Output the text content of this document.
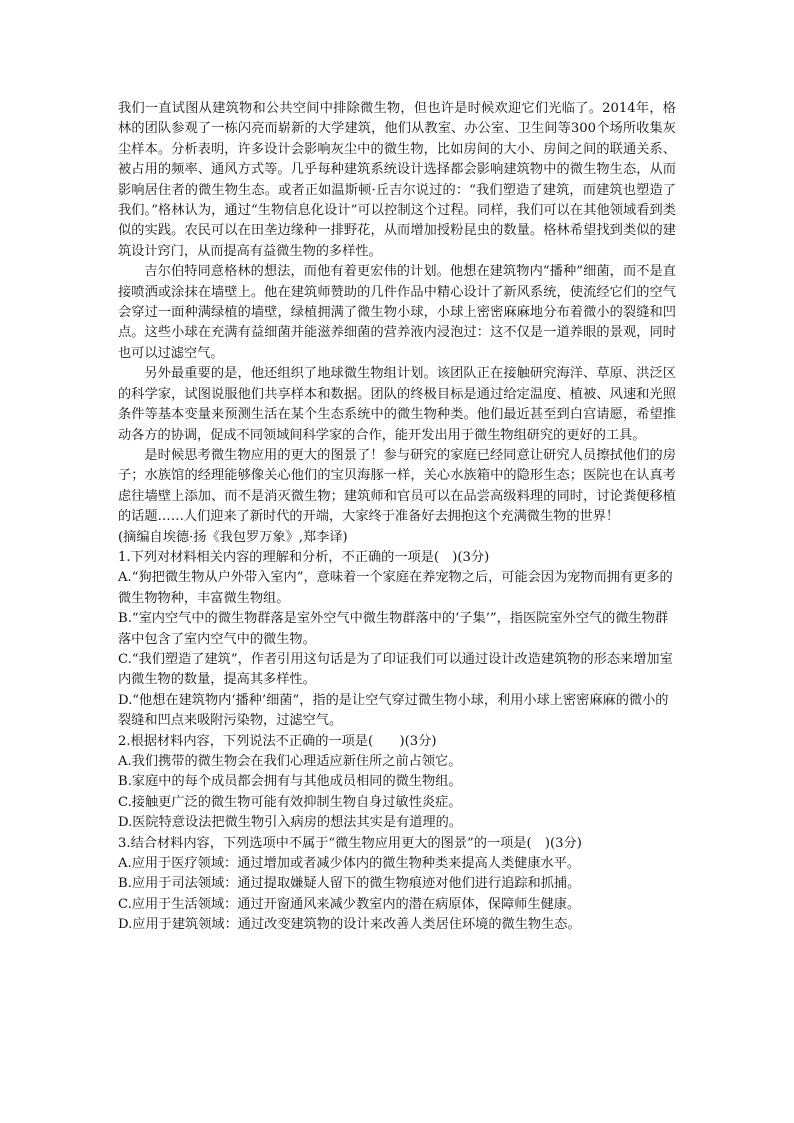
我们一直试图从建筑物和公共空间中排除微生物，但也许是时候欢迎它们光临了。2014年，格林的团队参观了一栋闪亮而崭新的大学建筑，他们从教室、办公室、卫生间等300个场所收集灰尘样本。分析表明，许多设计会影响灰尘中的微生物，比如房间的大小、房间之间的联通关系、被占用的频率、通风方式等。几乎每种建筑系统设计选择都会影响建筑物中的微生物生态，从而影响居住者的微生物生态。或者正如温斯顿·丘吉尔说过的：“我们塑造了建筑，而建筑也塑造了我们。”格林认为，通过“生物信息化设计”可以控制这个过程。同样，我们可以在其他领域看到类似的实践。农民可以在田垄边缘种一排野花，从而增加授粉昆虫的数量。格林希望找到类似的建筑设计窍门，从而提高有益微生物的多样性。

吉尔伯特同意格林的想法，而他有着更宏伟的计划。他想在建筑物内“播种”细菌，而不是直接喷洒或涂抹在墙壁上。他在建筑师赞助的几件作品中精心设计了新风系统，使流经它们的空气会穿过一面种满绿植的墙壁，绿植拥满了微生物小球，小球上密密麻麻地分布着微小的裂缝和凹点。这些小球在充满有益细菌并能滋养细菌的营养液内浸泡过：这不仅是一道养眼的景观，同时也可以过滤空气。

另外最重要的是，他还组织了地球微生物组计划。该团队正在接触研究海洋、草原、洪泛区的科学家，试图说服他们共享样本和数据。团队的终极目标是通过给定温度、植被、风速和光照条件等基本变量来预测生活在某个生态系统中的微生物种类。他们最近甚至到白宫请愿，希望推动各方的协调，促成不同领域间科学家的合作，能开发出用于微生物组研究的更好的工具。

是时候思考微生物应用的更大的图景了！参与研究的家庭已经同意让研究人员擦拭他们的房子；水族馆的经理能够像关心他们的宝贝海豚一样，关心水族箱中的隐形生态；医院也在认真考虑往墙壁上添加、而不是消灭微生物；建筑师和官员可以在品尝高级料理的同时，讨论粪便移植的话题……人们迎来了新时代的开端，大家终于准备好去拥抱这个充满微生物的世界！

(摘编自埃德·扬《我包罗万象》,郑李译)

1.下列对材料相关内容的理解和分析，不正确的一项是(　)(3分)

A.“狗把微生物从户外带入室内”，意味着一个家庭在养宠物之后，可能会因为宠物而拥有更多的微生物物种，丰富微生物组。

B.“室内空气中的微生物群落是室外空气中微生物群落中的‘子集’”，指医院室外空气的微生物群落中包含了室内空气中的微生物。

C.“我们塑造了建筑”，作者引用这句话是为了印证我们可以通过设计改造建筑物的形态来增加室内微生物的数量，提高其多样性。

D.“他想在建筑物内‘播种’细菌”，指的是让空气穿过微生物小球，利用小球上密密麻麻的微小的裂缝和凹点来吸附污染物，过滤空气。

2.根据材料内容，下列说法不正确的一项是(　　)(3分)

A.我们携带的微生物会在我们心理适应新住所之前占领它。

B.家庭中的每个成员都会拥有与其他成员相同的微生物组。

C.接触更广泛的微生物可能有效抑制生物自身过敏性炎症。

D.医院特意设法把微生物引入病房的想法其实是有道理的。

3.结合材料内容，下列选项中不属于“微生物应用更大的图景”的一项是(　)(3分)

A.应用于医疗领域：通过增加或者减少体内的微生物种类来提高人类健康水平。

B.应用于司法领域：通过提取嫌疑人留下的微生物痕迹对他们进行追踪和抓捕。

C.应用于生活领域：通过开窗通风来减少教室内的潜在病原体，保障师生健康。

D.应用于建筑领域：通过改变建筑物的设计来改善人类居住环境的微生物生态。
